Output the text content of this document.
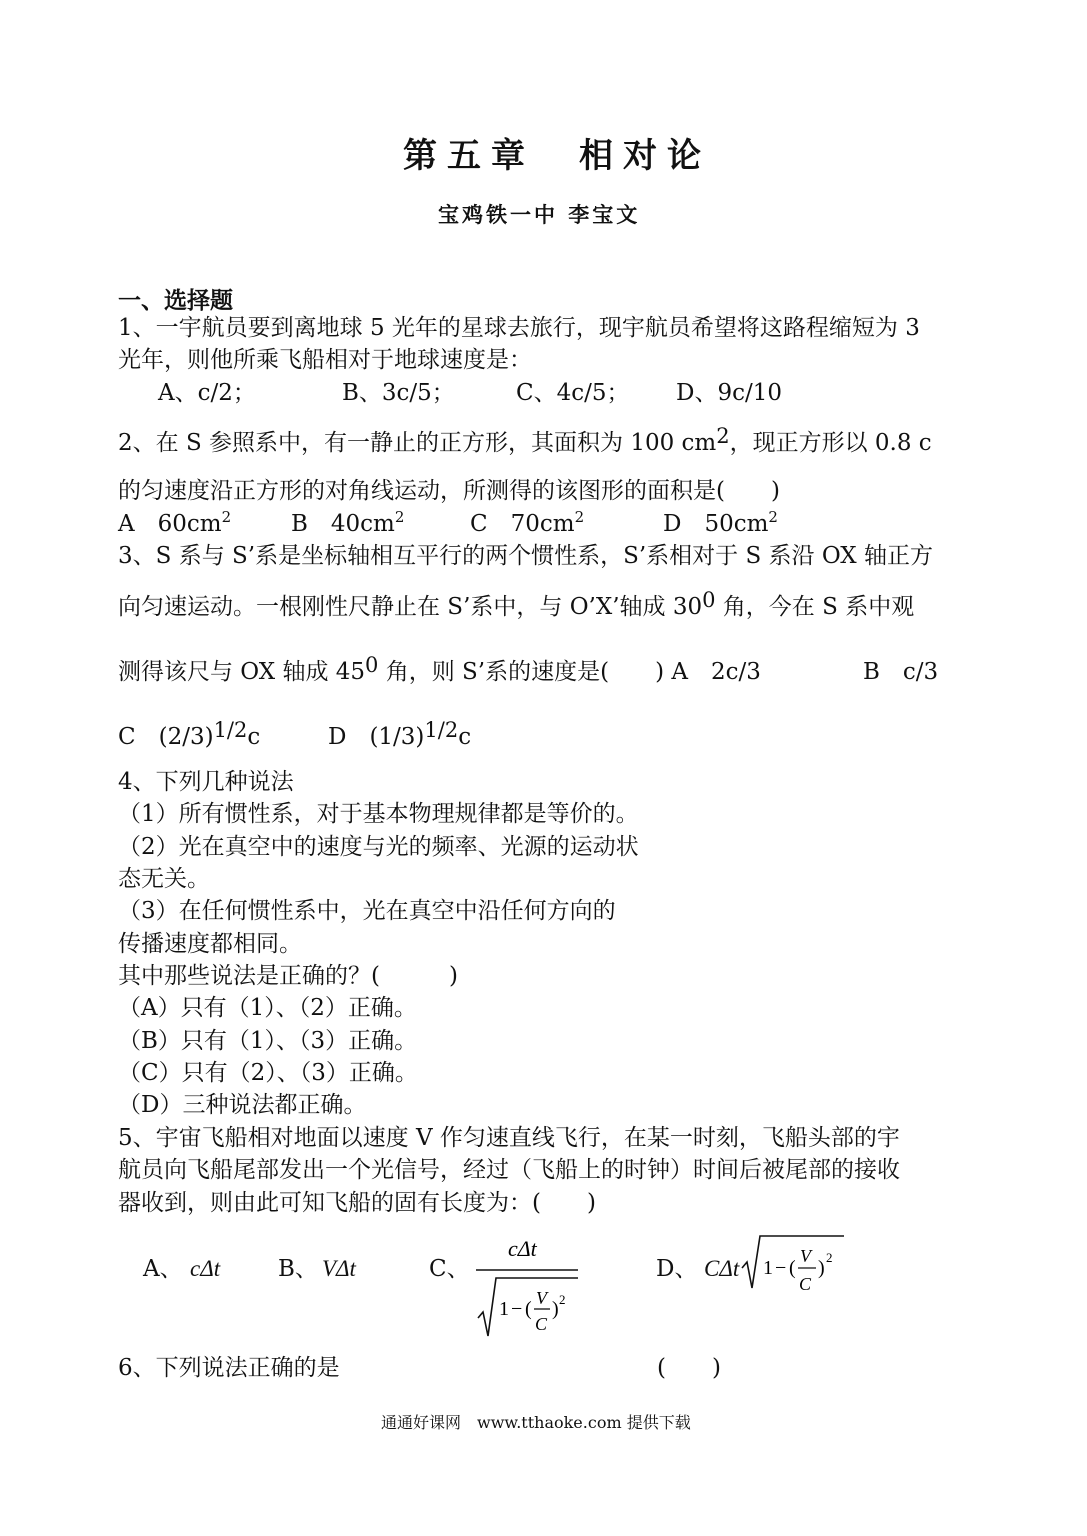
第五章　相对论
宝鸡铁一中 李宝文
一、选择题
1、一宇航员要到离地球 5 光年的星球去旅行，现宇航员希望将这路程缩短为 3
光年，则他所乘飞船相对于地球速度是：
A、c/2；	B、3c/5；	C、4c/5； D、9c/10
2、在 S 参照系中，有一静止的正方形，其面积为 100 cm2，现正方形以 0.8 c
的匀速度沿正方形的对角线运动，所测得的该图形的面积是(　　)
A　$60cm^2$	B　$40cm^2$	C　$70cm^2$	D　$50cm^2$
3、S 系与 S’系是坐标轴相互平行的两个惯性系，S’系相对于 S 系沿 OX 轴正方
向匀速运动。一根刚性尺静止在 S’系中，与 O’X’轴成 300 角，今在 S 系中观
测得该尺与 OX 轴成 450 角，则 S’系的速度是(　　) A　2c/3	B　c/3
C　(2/3)1/2c	D　(1/3)1/2c
4、下列几种说法
（1）所有惯性系，对于基本物理规律都是等价的。
（2）光在真空中的速度与光的频率、光源的运动状
态无关。
（3）在任何惯性系中，光在真空中沿任何方向的
传播速度都相同。
其中那些说法是正确的？(　　　)
（A）只有（1）、（2）正确。
（B）只有（1）、（3）正确。
（C）只有（2）、（3）正确。
（D）三种说法都正确。
5、宇宙飞船相对地面以速度 V 作匀速直线飞行，在某一时刻，飞船头部的宇
航员向飞船尾部发出一个光信号，经过（飞船上的时钟）时间后被尾部的接收
器收到，则由此可知飞船的固有长度为：(　　)
A、 cΔt	B、 VΔt	C、
cΔt
1 − ( V
C
) 2
D、 CΔt 1 − (
V
C
) 2
6、下列说法正确的是	(　　)
通通好课网　www.tthaoke.com 提供下载
